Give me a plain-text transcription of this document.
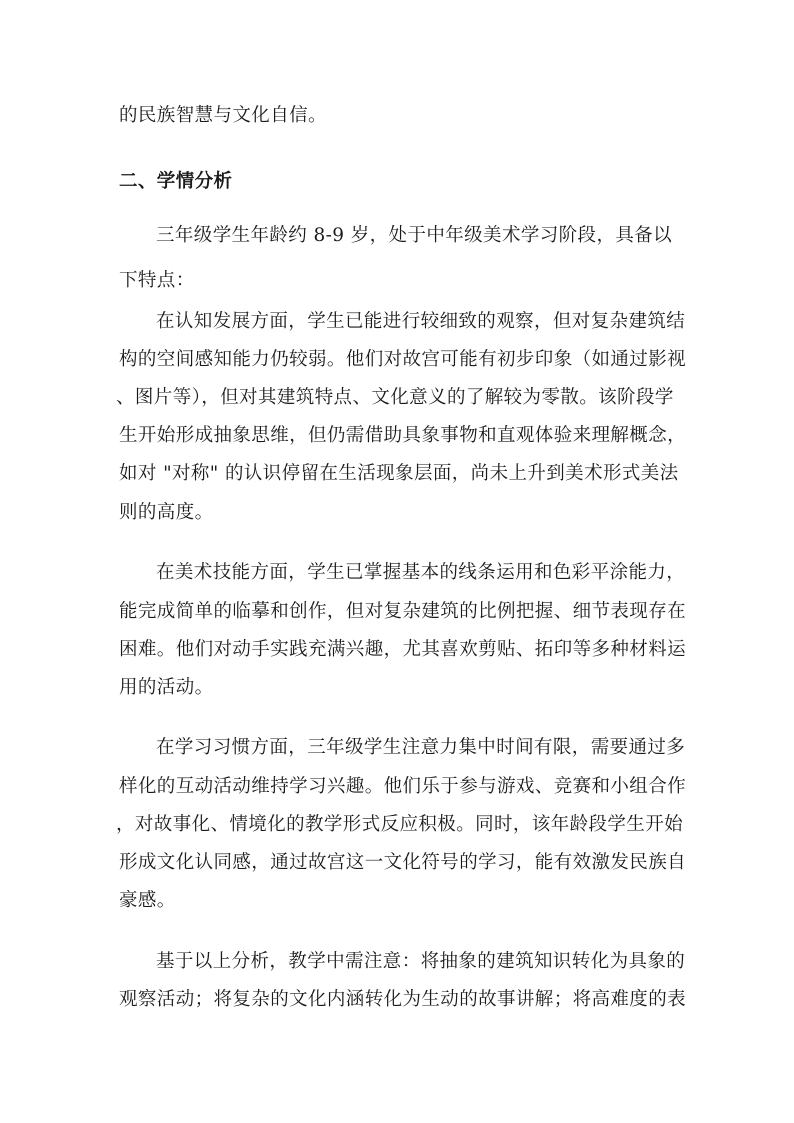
的民族智慧与文化自信。
二、学情分析
三年级学生年龄约 8-9 岁，处于中年级美术学习阶段，具备以
下特点：
在认知发展方面，学生已能进行较细致的观察，但对复杂建筑结
构的空间感知能力仍较弱。他们对故宫可能有初步印象（如通过影视
、图片等），但对其建筑特点、文化意义的了解较为零散。该阶段学
生开始形成抽象思维，但仍需借助具象事物和直观体验来理解概念，
如对 "对称" 的认识停留在生活现象层面，尚未上升到美术形式美法
则的高度。
在美术技能方面，学生已掌握基本的线条运用和色彩平涂能力，
能完成简单的临摹和创作，但对复杂建筑的比例把握、细节表现存在
困难。他们对动手实践充满兴趣，尤其喜欢剪贴、拓印等多种材料运
用的活动。
在学习习惯方面，三年级学生注意力集中时间有限，需要通过多
样化的互动活动维持学习兴趣。他们乐于参与游戏、竞赛和小组合作
，对故事化、情境化的教学形式反应积极。同时，该年龄段学生开始
形成文化认同感，通过故宫这一文化符号的学习，能有效激发民族自
豪感。
基于以上分析，教学中需注意：将抽象的建筑知识转化为具象的
观察活动；将复杂的文化内涵转化为生动的故事讲解；将高难度的表
